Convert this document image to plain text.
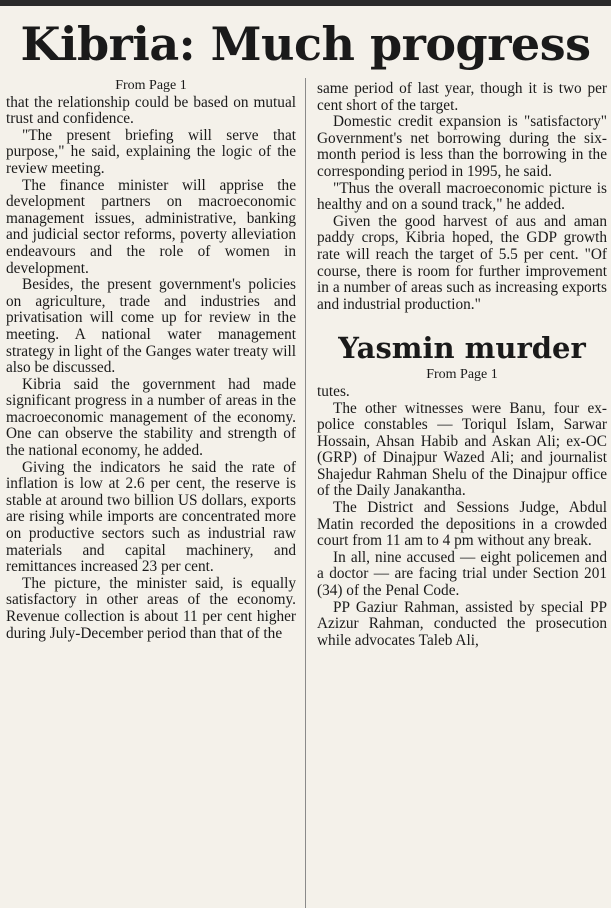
Kibria: Much progress

From Page 1

that the relationship could be based on mutual trust and confidence.

"The present briefing will serve that purpose," he said, explaining the logic of the review meeting.

The finance minister will apprise the development partners on macroeconomic management issues, administrative, banking and judicial sector reforms, poverty alleviation endeavours and the role of women in development.

Besides, the present government's policies on agriculture, trade and industries and privatisation will come up for review in the meeting. A national water management strategy in light of the Ganges water treaty will also be discussed.

Kibria said the government had made significant progress in a number of areas in the macroeconomic management of the economy. One can observe the stability and strength of the national economy, he added.

Giving the indicators he said the rate of inflation is low at 2.6 per cent, the reserve is stable at around two billion US dollars, exports are rising while imports are concentrated more on productive sectors such as industrial raw materials and capital machinery, and remittances increased 23 per cent.

The picture, the minister said, is equally satisfactory in other areas of the economy. Revenue collection is about 11 per cent higher during July-December period than that of the

same period of last year, though it is two per cent short of the target.

Domestic credit expansion is "satisfactory" Government's net borrowing during the six-month period is less than the borrowing in the corresponding period in 1995, he said.

"Thus the overall macroeconomic picture is healthy and on a sound track," he added.

Given the good harvest of aus and aman paddy crops, Kibria hoped, the GDP growth rate will reach the target of 5.5 per cent. "Of course, there is room for further improvement in a number of areas such as increasing exports and industrial production."

Yasmin murder

From Page 1

tutes.

The other witnesses were Banu, four ex-police constables — Toriqul Islam, Sarwar Hossain, Ahsan Habib and Askan Ali; ex-OC (GRP) of Dinajpur Wazed Ali; and journalist Shajedur Rahman Shelu of the Dinajpur office of the Daily Janakantha.

The District and Sessions Judge, Abdul Matin recorded the depositions in a crowded court from 11 am to 4 pm without any break.

In all, nine accused — eight policemen and a doctor — are facing trial under Section 201 (34) of the Penal Code.

PP Gaziur Rahman, assisted by special PP Azizur Rahman, conducted the prosecution while advocates Taleb Ali,
